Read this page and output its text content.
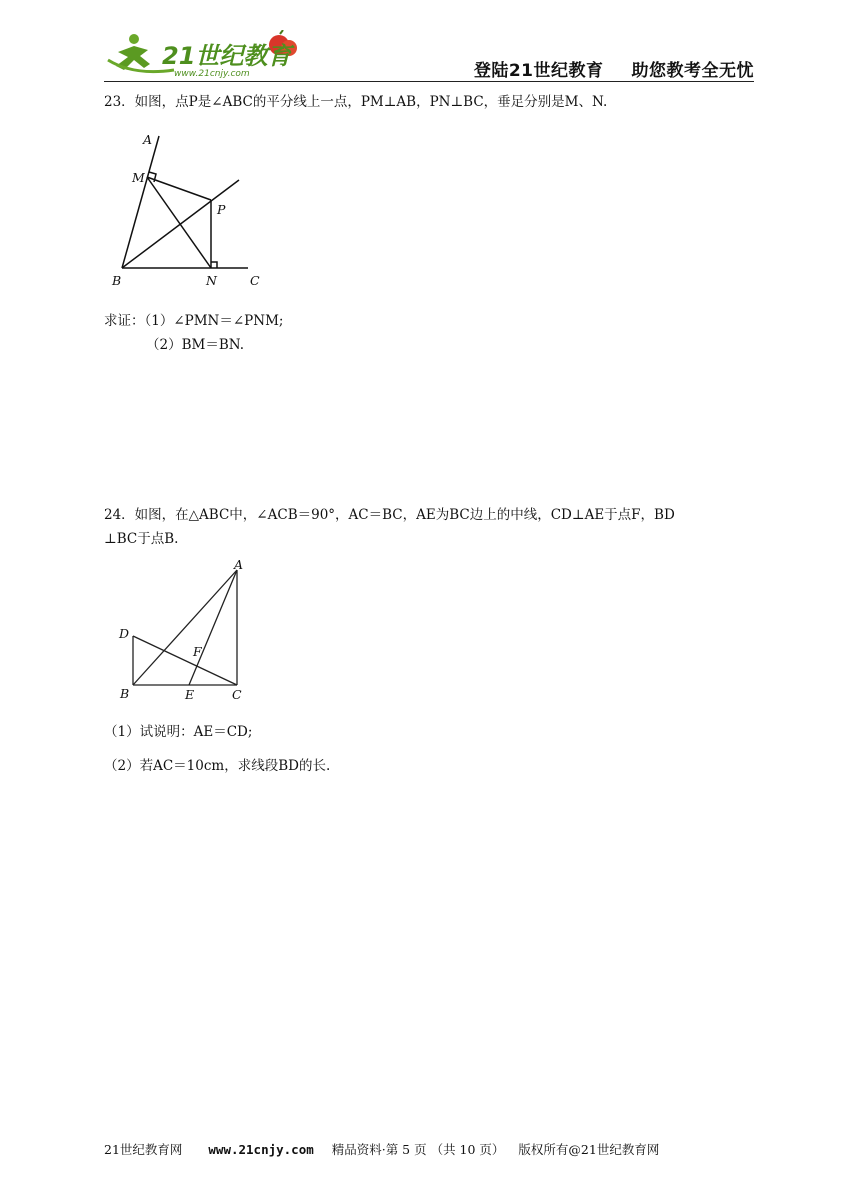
21世纪教育
www.21cnjy.com	登陆21世纪教育 助您教考全无忧
23．如图，点P是∠ABC的平分线上一点，PM⊥AB，PN⊥BC，垂足分别是M、N.
A
M
P
B	N	C
求证：（1）∠PMN＝∠PNM;
（2）BM＝BN.
24．如图，在△ABC中，∠ACB＝90°，AC＝BC，AE为BC边上的中线，CD⊥AE于点F，BD
⊥BC于点B.
A
D
F
B	E	C
（1）试说明：AE＝CD;
（2）若AC＝10cm，求线段BD的长.
21世纪教育网 www.21cnjy.com 精品资料·第 5 页 （共 10 页） 版权所有@21世纪教育网
